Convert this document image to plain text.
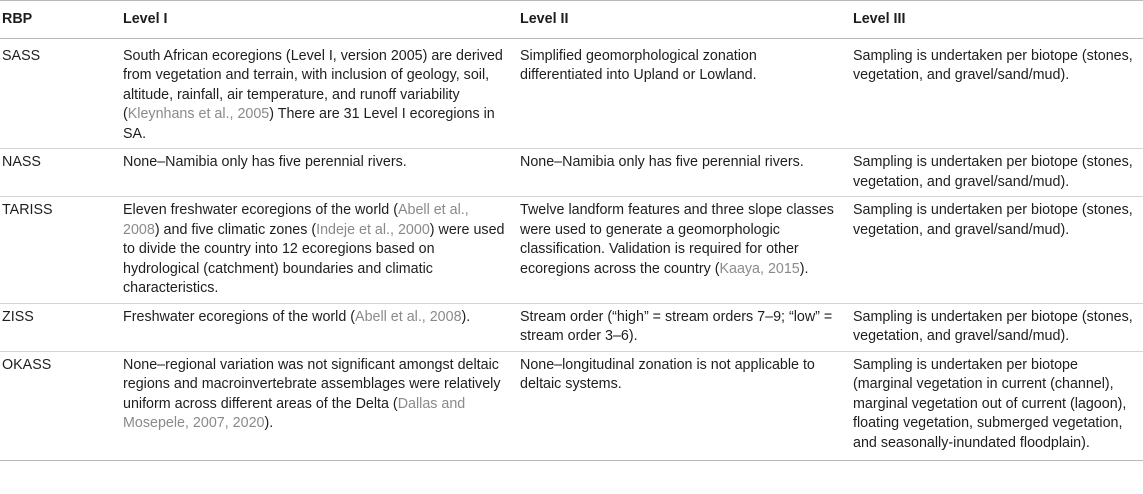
RBP	Level I	Level II	Level III
SASS	South African ecoregions (Level I, version 2005) are derived from vegetation and terrain, with inclusion of geology, soil, altitude, rainfall, air temperature, and runoff variability (Kleynhans et al., 2005) There are 31 Level I ecoregions in SA.	Simplified geomorphological zonation differentiated into Upland or Lowland.	Sampling is undertaken per biotope (stones, vegetation, and gravel/sand/mud).
NASS	None–Namibia only has five perennial rivers.	None–Namibia only has five perennial rivers.	Sampling is undertaken per biotope (stones, vegetation, and gravel/sand/mud).
TARISS	Eleven freshwater ecoregions of the world (Abell et al., 2008) and five climatic zones (Indeje et al., 2000) were used to divide the country into 12 ecoregions based on hydrological (catchment) boundaries and climatic characteristics.	Twelve landform features and three slope classes were used to generate a geomorphologic classification. Validation is required for other ecoregions across the country (Kaaya, 2015).	Sampling is undertaken per biotope (stones, vegetation, and gravel/sand/mud).
ZISS	Freshwater ecoregions of the world (Abell et al., 2008).	Stream order (“high” = stream orders 7–9; “low” = stream order 3–6).	Sampling is undertaken per biotope (stones, vegetation, and gravel/sand/mud).
OKASS	None–regional variation was not significant amongst deltaic regions and macroinvertebrate assemblages were relatively uniform across different areas of the Delta (Dallas and Mosepele, 2007, 2020).	None–longitudinal zonation is not applicable to deltaic systems.	Sampling is undertaken per biotope (marginal vegetation in current (channel), marginal vegetation out of current (lagoon), floating vegetation, submerged vegetation, and seasonally-inundated floodplain).
